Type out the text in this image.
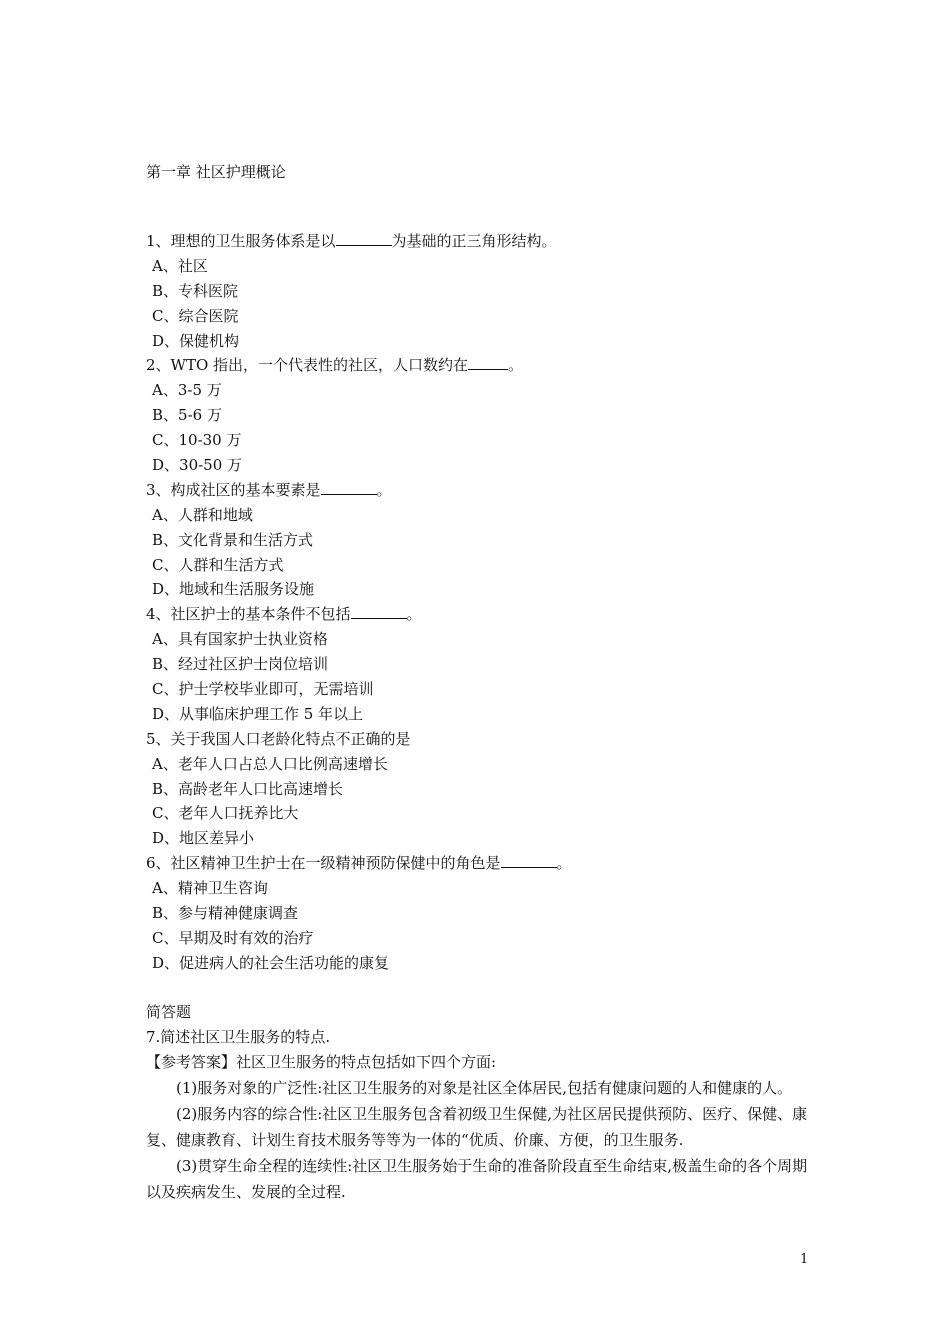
第一章 社区护理概论
1、理想的卫生服务体系是以	为基础的正三角形结构。
A、社区
B、专科医院
C、综合医院
D、保健机构
2、WTO 指出，一个代表性的社区，人口数约在	。
A、3-5 万
B、5-6 万
C、10-30 万
D、30-50 万
3、构成社区的基本要素是	。
A、人群和地域
B、文化背景和生活方式
C、人群和生活方式
D、地域和生活服务设施
4、社区护士的基本条件不包括	。
A、具有国家护士执业资格
B、经过社区护士岗位培训
C、护士学校毕业即可，无需培训
D、从事临床护理工作 5 年以上
5、关于我国人口老龄化特点不正确的是
A、老年人口占总人口比例高速增长
B、高龄老年人口比高速增长
C、老年人口抚养比大
D、地区差异小
6、社区精神卫生护士在一级精神预防保健中的角色是	。
A、精神卫生咨询
B、参与精神健康调查
C、早期及时有效的治疗
D、促进病人的社会生活功能的康复
简答题
7.简述社区卫生服务的特点.
【参考答案】社区卫生服务的特点包括如下四个方面:
(1)服务对象的广泛性:社区卫生服务的对象是社区全体居民,包括有健康问题的人和健康的人。
(2)服务内容的综合性:社区卫生服务包含着初级卫生保健,为社区居民提供预防、医疗、保健、康复、健康教育、计划生育技术服务等等为一体的“优质、价廉、方便，的卫生服务.
(3)贯穿生命全程的连续性:社区卫生服务始于生命的准备阶段直至生命结束,极盖生命的各个周期以及疾病发生、发展的全过程.
1
